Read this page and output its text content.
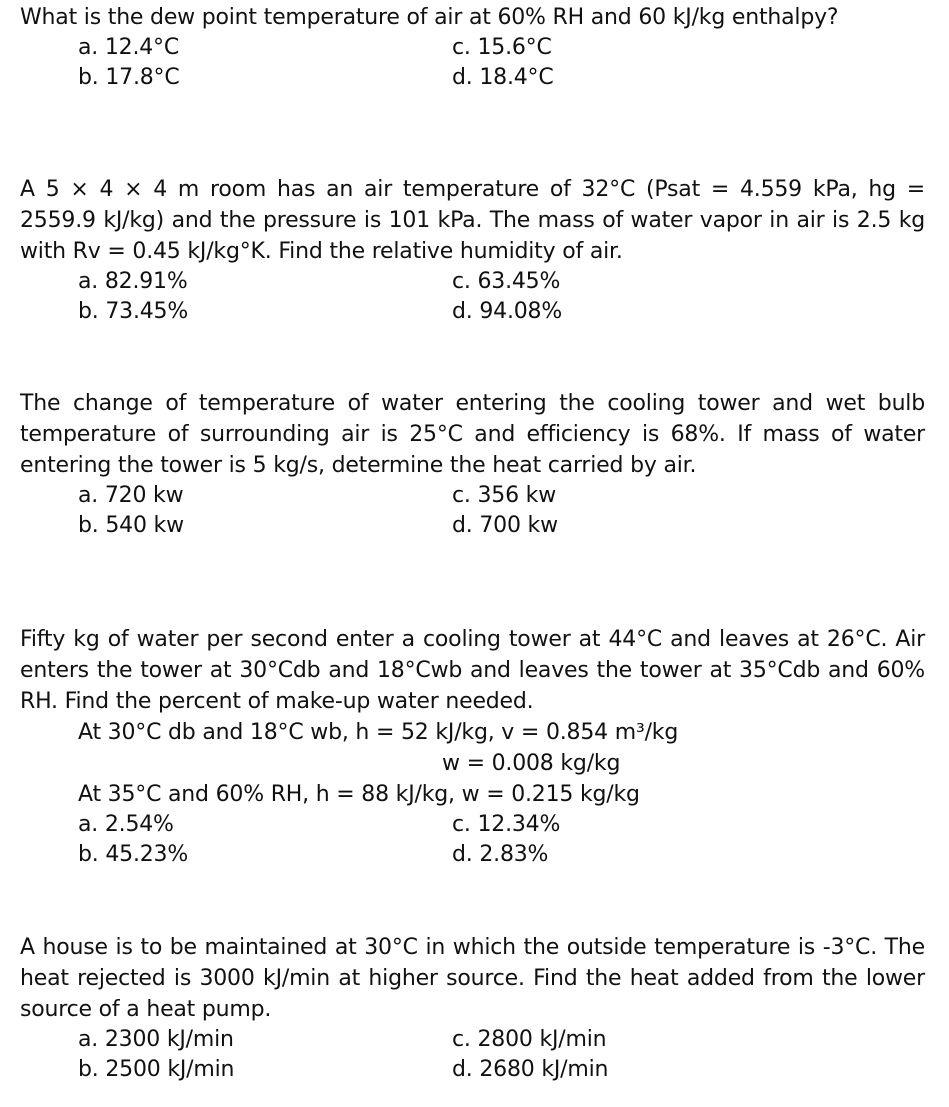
What is the dew point temperature of air at 60% RH and 60 kJ/kg enthalpy?

a. 12.4°C	c. 15.6°C
b. 17.8°C	d. 18.4°C

A 5 × 4 × 4 m room has an air temperature of 32°C (Psat = 4.559 kPa, hg = 2559.9 kJ/kg) and the pressure is 101 kPa. The mass of water vapor in air is 2.5 kg with Rv = 0.45 kJ/kg°K. Find the relative humidity of air.

a. 82.91%	c. 63.45%
b. 73.45%	d. 94.08%

The change of temperature of water entering the cooling tower and wet bulb temperature of surrounding air is 25°C and efficiency is 68%. If mass of water entering the tower is 5 kg/s, determine the heat carried by air.

a. 720 kw	c. 356 kw
b. 540 kw	d. 700 kw

Fifty kg of water per second enter a cooling tower at 44°C and leaves at 26°C. Air enters the tower at 30°Cdb and 18°Cwb and leaves the tower at 35°Cdb and 60% RH. Find the percent of make-up water needed.

At 30°C db and 18°C wb, h = 52 kJ/kg, v = 0.854 m³/kg
w = 0.008 kg/kg
At 35°C and 60% RH, h = 88 kJ/kg, w = 0.215 kg/kg
a. 2.54%	c. 12.34%
b. 45.23%	d. 2.83%

A house is to be maintained at 30°C in which the outside temperature is -3°C. The heat rejected is 3000 kJ/min at higher source. Find the heat added from the lower source of a heat pump.

a. 2300 kJ/min	c. 2800 kJ/min
b. 2500 kJ/min	d. 2680 kJ/min
